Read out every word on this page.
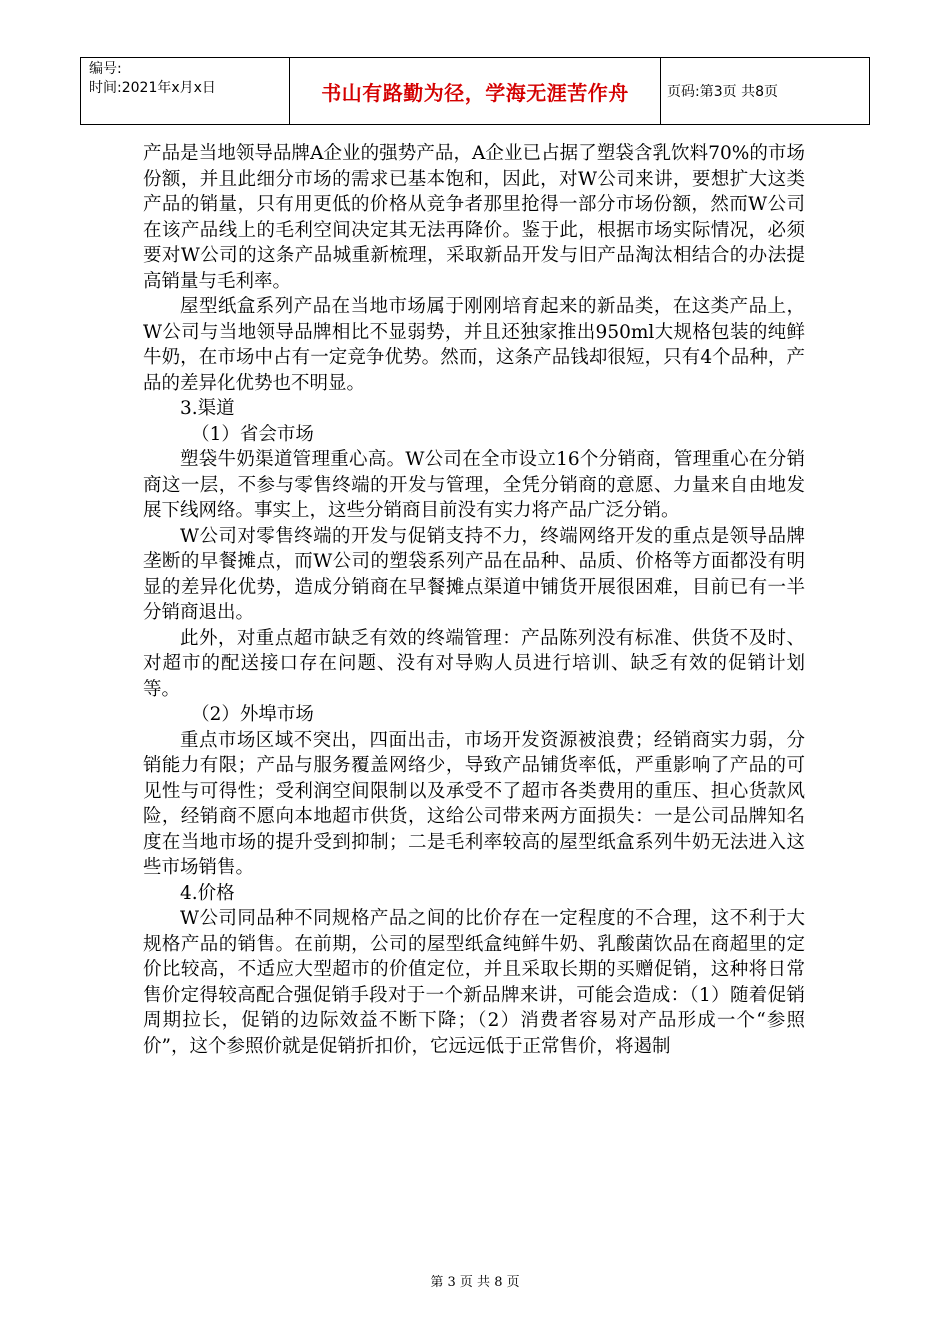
编号:
时间:2021年x月x日	书山有路勤为径，学海无涯苦作舟	页码:第3页 共8页

产品是当地领导品牌A企业的强势产品，A企业已占据了塑袋含乳饮料70%的市场份额，并且此细分市场的需求已基本饱和，因此，对W公司来讲，要想扩大这类产品的销量，只有用更低的价格从竞争者那里抢得一部分市场份额，然而W公司在该产品线上的毛利空间决定其无法再降价。鉴于此，根据市场实际情况，必须要对W公司的这条产品城重新梳理，采取新品开发与旧产品淘汰相结合的办法提高销量与毛利率。

屋型纸盒系列产品在当地市场属于刚刚培育起来的新品类，在这类产品上，W公司与当地领导品牌相比不显弱势，并且还独家推出950ml大规格包装的纯鲜牛奶，在市场中占有一定竞争优势。然而，这条产品钱却很短，只有4个品种，产品的差异化优势也不明显。

3.渠道

（1）省会市场

塑袋牛奶渠道管理重心高。W公司在全市设立16个分销商，管理重心在分销商这一层，不参与零售终端的开发与管理，全凭分销商的意愿、力量来自由地发展下线网络。事实上，这些分销商目前没有实力将产品广泛分销。

W公司对零售终端的开发与促销支持不力，终端网络开发的重点是领导品牌垄断的早餐摊点，而W公司的塑袋系列产品在品种、品质、价格等方面都没有明显的差异化优势，造成分销商在早餐摊点渠道中铺货开展很困难，目前已有一半分销商退出。

此外，对重点超市缺乏有效的终端管理：产品陈列没有标准、供货不及时、对超市的配送接口存在问题、没有对导购人员进行培训、缺乏有效的促销计划等。

（2）外埠市场

重点市场区域不突出，四面出击，市场开发资源被浪费；经销商实力弱，分销能力有限；产品与服务覆盖网络少，导致产品铺货率低，严重影响了产品的可见性与可得性；受利润空间限制以及承受不了超市各类费用的重压、担心货款风险，经销商不愿向本地超市供货，这给公司带来两方面损失：一是公司品牌知名度在当地市场的提升受到抑制；二是毛利率较高的屋型纸盒系列牛奶无法进入这些市场销售。

4.价格

W公司同品种不同规格产品之间的比价存在一定程度的不合理，这不利于大规格产品的销售。在前期，公司的屋型纸盒纯鲜牛奶、乳酸菌饮品在商超里的定价比较高，不适应大型超市的价值定位，并且采取长期的买赠促销，这种将日常售价定得较高配合强促销手段对于一个新品牌来讲，可能会造成：（1）随着促销周期拉长，促销的边际效益不断下降；（2）消费者容易对产品形成一个“参照价”，这个参照价就是促销折扣价，它远远低于正常售价，将遏制

第 3 页 共 8 页
